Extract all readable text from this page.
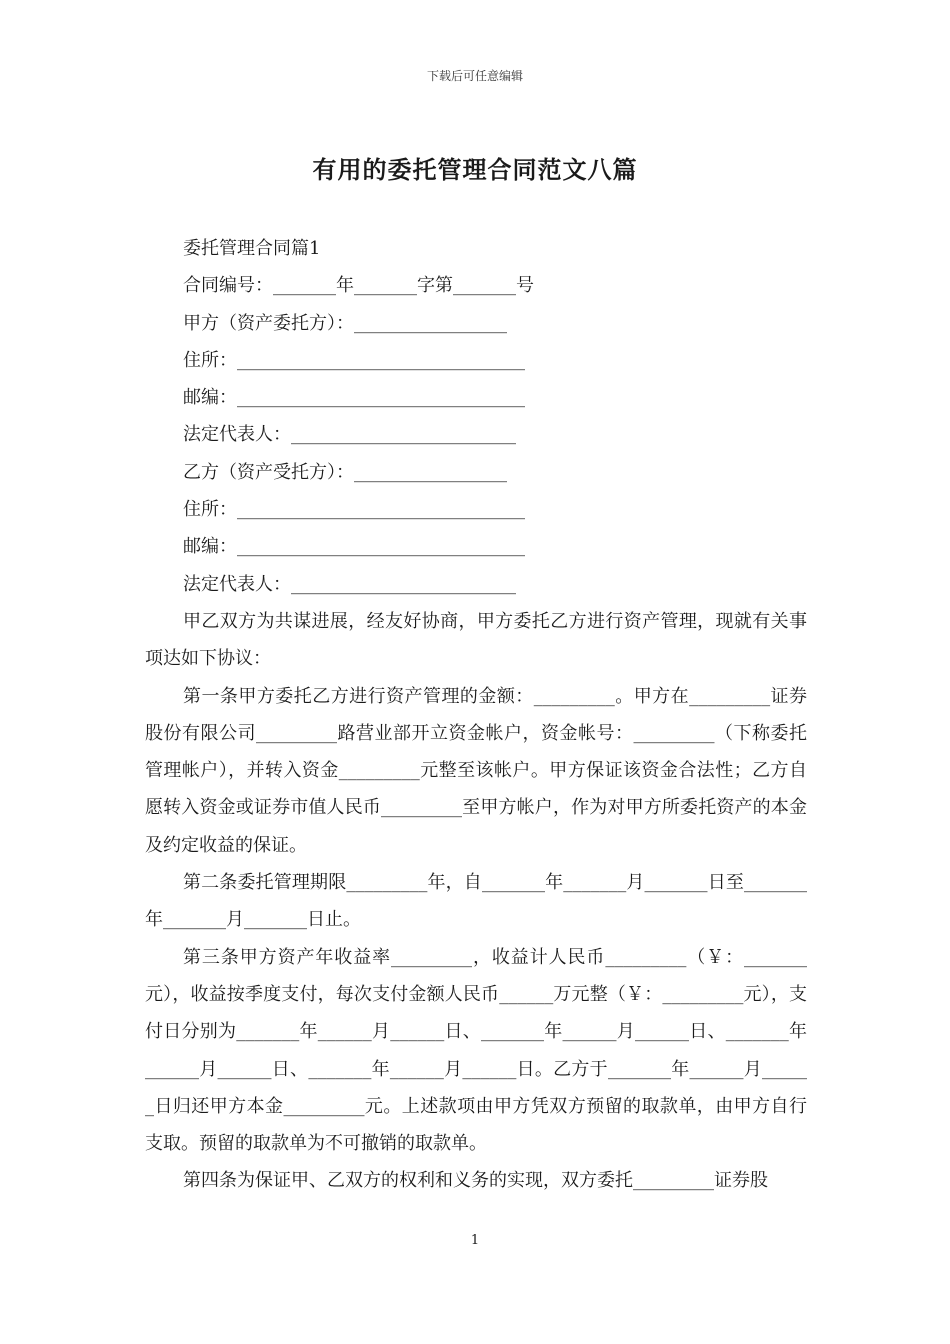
下载后可任意编辑
有用的委托管理合同范文八篇
委托管理合同篇1
合同编号：_______年_______字第_______号
甲方（资产委托方）：_________________
住所：________________________________
邮编：________________________________
法定代表人：_________________________
乙方（资产受托方）：_________________
住所：________________________________
邮编：________________________________
法定代表人：_________________________

甲乙双方为共谋进展，经友好协商，甲方委托乙方进行资产管理，现就有关事项达如下协议：

第一条甲方委托乙方进行资产管理的金额：_________。甲方在_________证券股份有限公司_________路营业部开立资金帐户，资金帐号：_________（下称委托管理帐户），并转入资金_________元整至该帐户。甲方保证该资金合法性；乙方自愿转入资金或证券市值人民币_________至甲方帐户，作为对甲方所委托资产的本金及约定收益的保证。

第二条委托管理期限_________年，自_______年_______月_______日至_______年_______月_______日止。

第三条甲方资产年收益率_________，收益计人民币_________（￥：_______元），收益按季度支付，每次支付金额人民币______万元整（￥：_________元），支付日分别为_______年______月______日、_______年______月______日、_______年______月______日、_______年______月______日。乙方于_______年______月______日归还甲方本金_________元。上述款项由甲方凭双方预留的取款单，由甲方自行支取。预留的取款单为不可撤销的取款单。

第四条为保证甲、乙双方的权利和义务的实现，双方委托_________证券股

1
